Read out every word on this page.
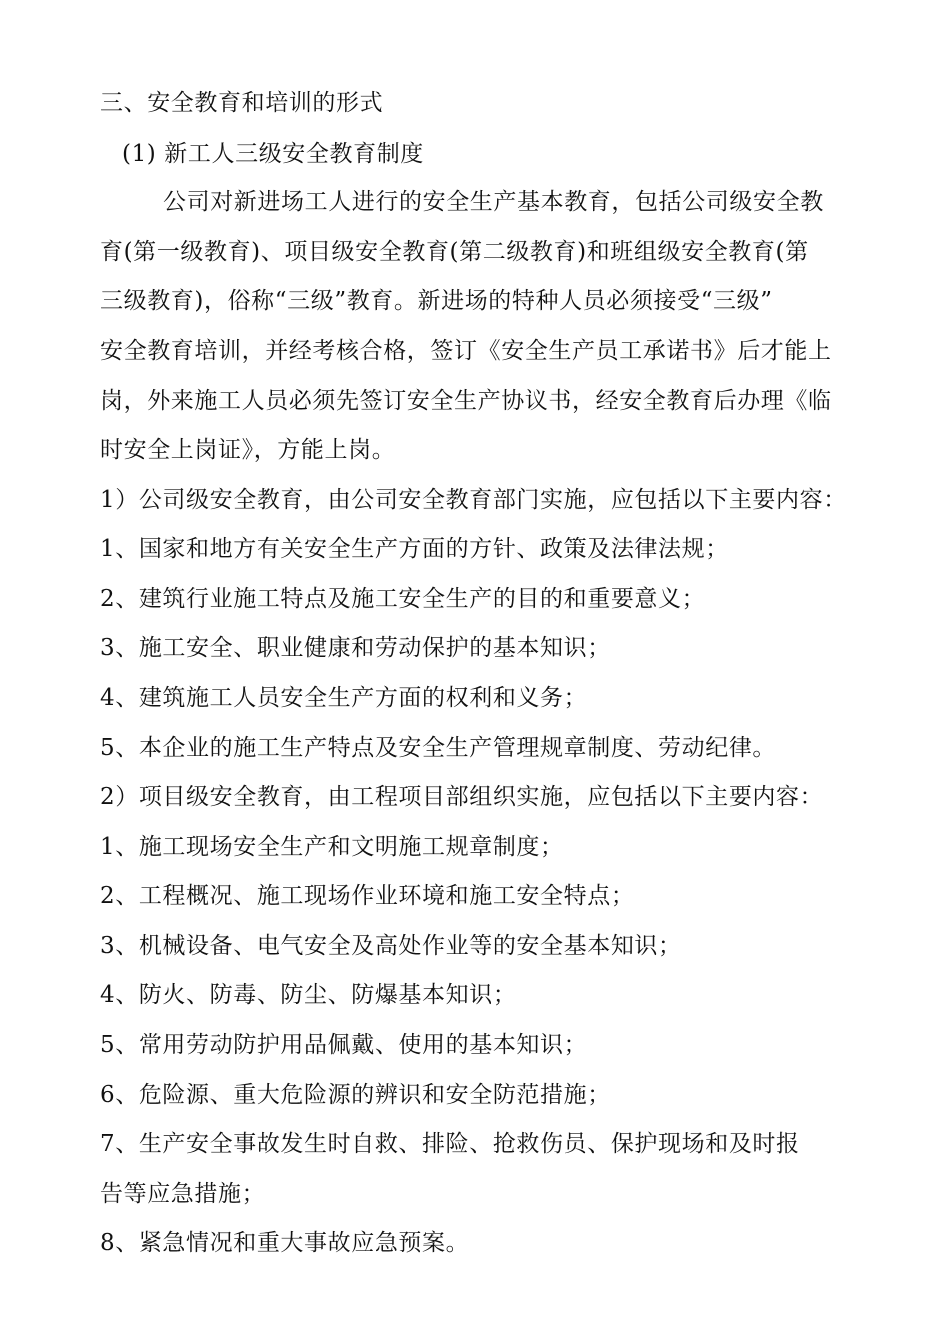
三、安全教育和培训的形式
(1) 新工人三级安全教育制度
公司对新进场工人进行的安全生产基本教育，包括公司级安全教
育(第一级教育)、项目级安全教育(第二级教育)和班组级安全教育(第
三级教育)，俗称“三级”教育。新进场的特种人员必须接受“三级”
安全教育培训，并经考核合格，签订《安全生产员工承诺书》后才能上
岗，外来施工人员必须先签订安全生产协议书，经安全教育后办理《临
时安全上岗证》，方能上岗。
1）公司级安全教育，由公司安全教育部门实施，应包括以下主要内容：
1、国家和地方有关安全生产方面的方针、政策及法律法规；
2、建筑行业施工特点及施工安全生产的目的和重要意义；
3、施工安全、职业健康和劳动保护的基本知识；
4、建筑施工人员安全生产方面的权利和义务；
5、本企业的施工生产特点及安全生产管理规章制度、劳动纪律。
2）项目级安全教育，由工程项目部组织实施，应包括以下主要内容：
1、施工现场安全生产和文明施工规章制度；
2、工程概况、施工现场作业环境和施工安全特点；
3、机械设备、电气安全及高处作业等的安全基本知识；
4、防火、防毒、防尘、防爆基本知识；
5、常用劳动防护用品佩戴、使用的基本知识；
6、危险源、重大危险源的辨识和安全防范措施；
7、生产安全事故发生时自救、排险、抢救伤员、保护现场和及时报
告等应急措施；
8、紧急情况和重大事故应急预案。
